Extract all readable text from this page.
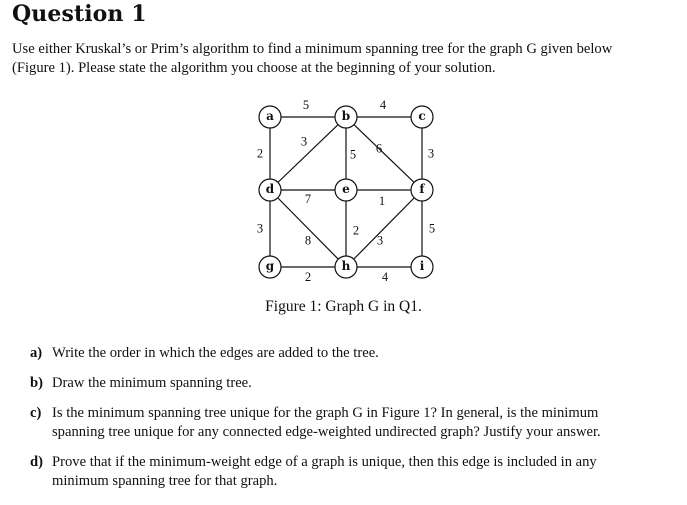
Question 1
Use either Kruskal’s or Prim’s algorithm to find a minimum spanning tree for the graph G given below
(Figure 1). Please state the algorithm you choose at the beginning of your solution.
5	4
2
3
5 6	3
7	1
3
8
2
3
5
2	4
a	b	c
d	e	f
g	h	i
Figure 1: Graph G in Q1.
a) Write the order in which the edges are added to the tree.
b) Draw the minimum spanning tree.
c) Is the minimum spanning tree unique for the graph G in Figure 1? In general, is the minimum
spanning tree unique for any connected edge-weighted undirected graph? Justify your answer.
d) Prove that if the minimum-weight edge of a graph is unique, then this edge is included in any
minimum spanning tree for that graph.
